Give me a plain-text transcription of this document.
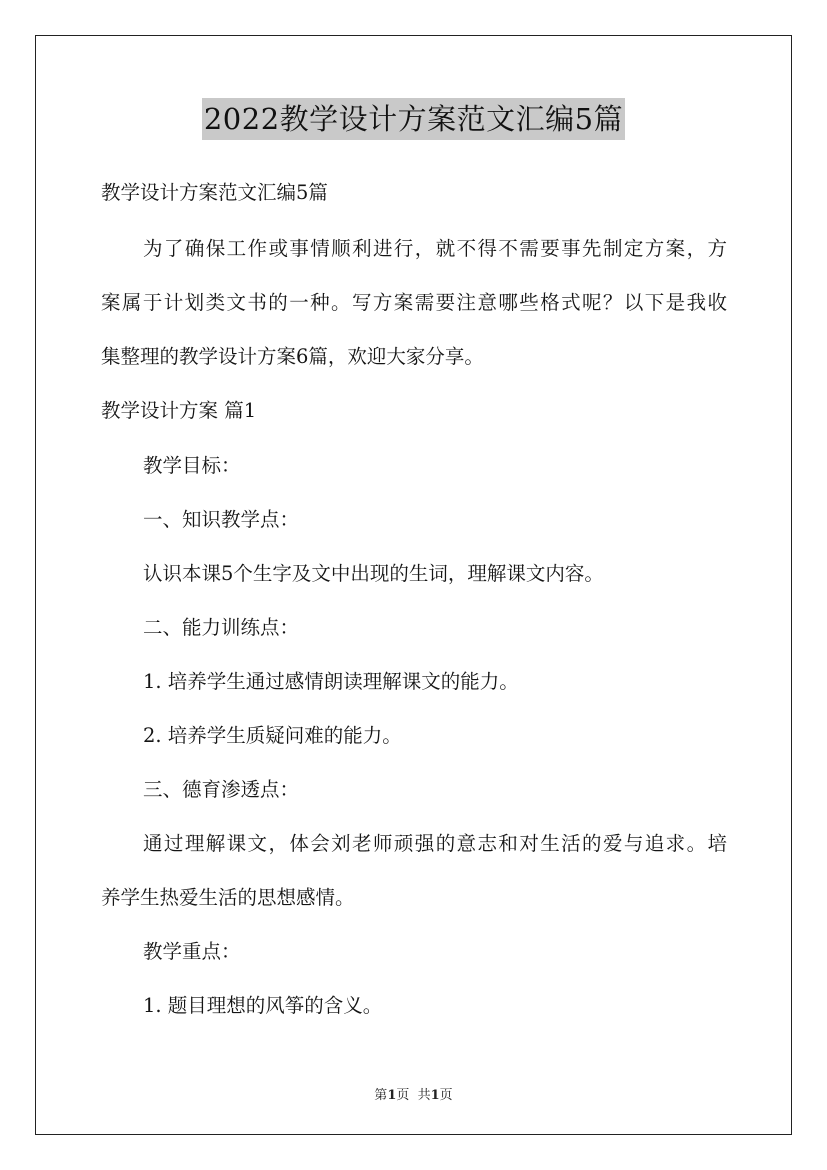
2022教学设计方案范文汇编5篇
教学设计方案范文汇编5篇
为了确保工作或事情顺利进行，就不得不需要事先制定方案，方
案属于计划类文书的一种。写方案需要注意哪些格式呢？以下是我收
集整理的教学设计方案6篇，欢迎大家分享。
教学设计方案 篇1
教学目标：
一、知识教学点：
认识本课5个生字及文中出现的生词，理解课文内容。
二、能力训练点：
1. 培养学生通过感情朗读理解课文的能力。
2. 培养学生质疑问难的能力。
三、德育渗透点：
通过理解课文，体会刘老师顽强的意志和对生活的爱与追求。培
养学生热爱生活的思想感情。
教学重点：
1. 题目理想的风筝的含义。
第1页  共1页
